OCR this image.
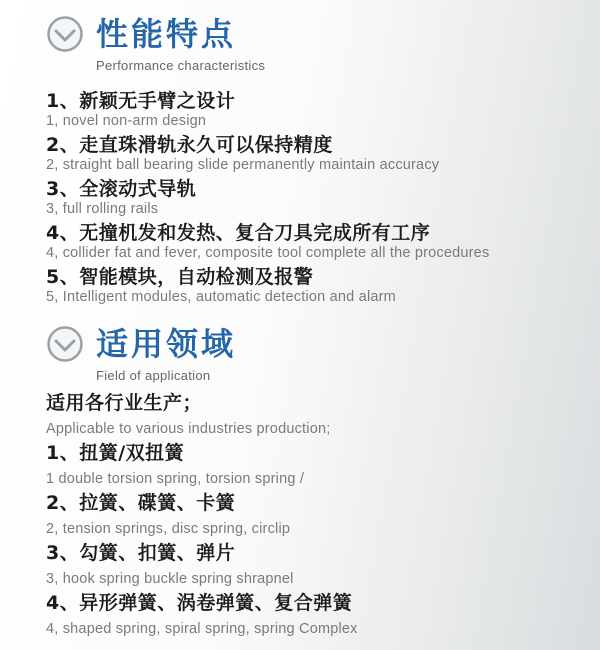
性能特点
Performance characteristics
1、新颖无手臂之设计
1, novel non-arm design
2、走直珠滑轨永久可以保持精度
2, straight ball bearing slide permanently maintain accuracy
3、全滚动式导轨
3, full rolling rails
4、无撞机发和发热、复合刀具完成所有工序
4, collider fat and fever, composite tool complete all the procedures
5、智能模块，自动检测及报警
5, Intelligent modules, automatic detection and alarm
适用领域
Field of application
适用各行业生产；
Applicable to various industries production;
1、扭簧/双扭簧
1 double torsion spring, torsion spring /
2、拉簧、碟簧、卡簧
2, tension springs, disc spring, circlip
3、勾簧、扣簧、弹片
3, hook spring buckle spring shrapnel
4、异形弹簧、涡卷弹簧、复合弹簧
4, shaped spring, spiral spring, spring Complex
